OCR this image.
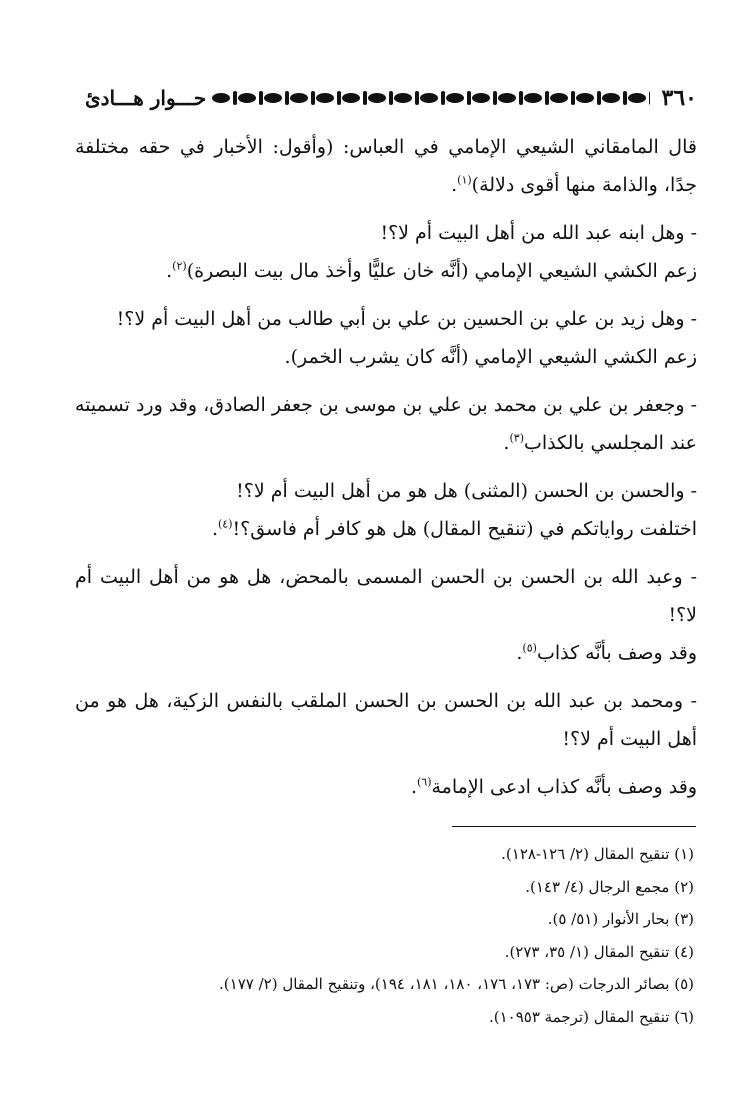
٣٦٠
حـــوار هـــادئ

قال المامقاني الشيعي الإمامي في العباس: (وأقول: الأخبار في حقه مختلفة جدًا، والذامة منها أقوى دلالة)$^{(١)}$.

- وهل ابنه عبد الله من أهل البيت أم لا؟!

زعم الكشي الشيعي الإمامي (أنَّه خان عليًّا وأخذ مال بيت البصرة)$^{(٢)}$.

- وهل زيد بن علي بن الحسين بن علي بن أبي طالب من أهل البيت أم لا؟!

زعم الكشي الشيعي الإمامي (أنَّه كان يشرب الخمر).

- وجعفر بن علي بن محمد بن علي بن موسى بن جعفر الصادق، وقد ورد تسميته عند المجلسي بالكذاب$^{(٣)}$.

- والحسن بن الحسن (المثنى) هل هو من أهل البيت أم لا؟!

اختلفت رواياتكم في (تنقيح المقال) هل هو كافر أم فاسق؟!$^{(٤)}$.

- وعبد الله بن الحسن بن الحسن المسمى بالمحض، هل هو من أهل البيت أم لا؟!

وقد وصف بأنَّه كذاب$^{(٥)}$.

- ومحمد بن عبد الله بن الحسن بن الحسن الملقب بالنفس الزكية، هل هو من أهل البيت أم لا؟!

وقد وصف بأنَّه كذاب ادعى الإمامة$^{(٦)}$.

(١) تنقيح المقال (٢/ ١٢٦-١٢٨).
(٢) مجمع الرجال (٤/ ١٤٣).
(٣) بحار الأنوار (٥١/ ٥).
(٤) تنقيح المقال (١/ ٣٥، ٢٧٣).
(٥) بصائر الدرجات (ص: ١٧٣، ١٧٦، ١٨٠، ١٨١، ١٩٤)، وتنقيح المقال (٢/ ١٧٧).
(٦) تنقيح المقال (ترجمة ١٠٩٥٣).
